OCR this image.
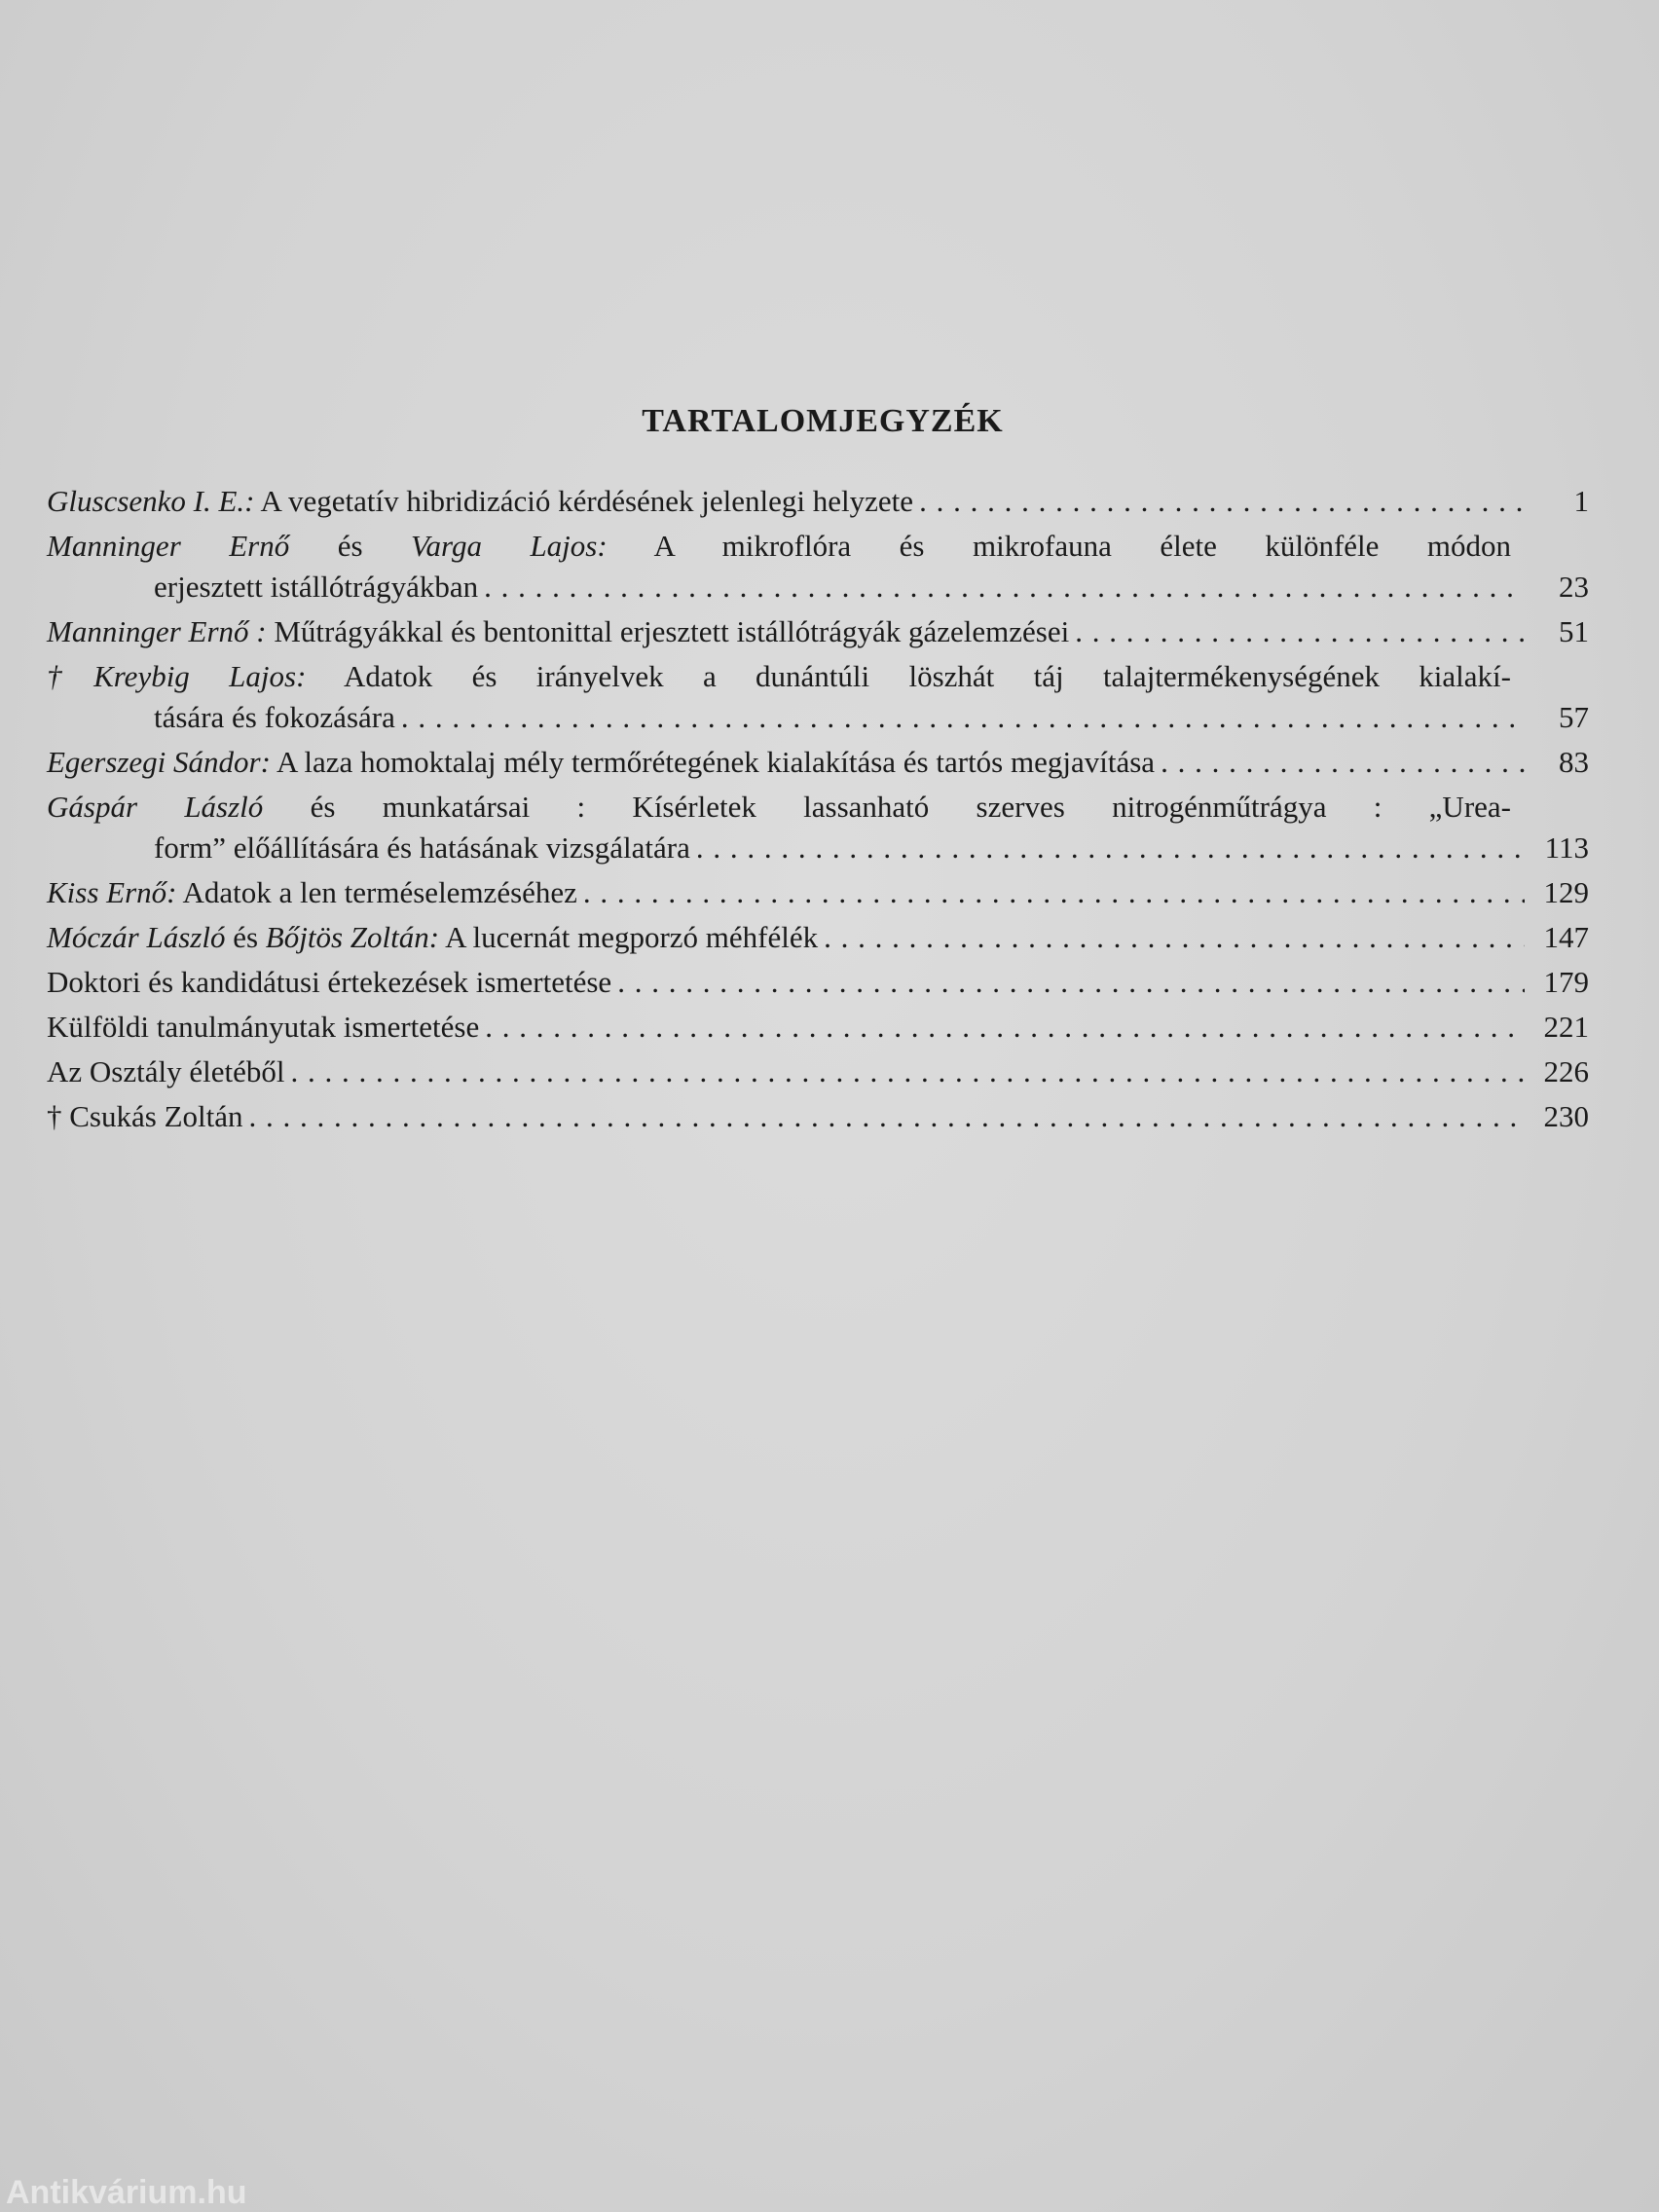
TARTALOMJEGYZÉK
Gluscsenko I. E.: A vegetatív hibridizáció kérdésének jelenlegi helyzete . . .	1
Manninger Ernő és Varga Lajos: A mikroflóra és mikrofauna élete különféle módon
erjesztett istállótrágyákban . . .	23
Manninger Ernő : Műtrágyákkal és bentonittal erjesztett istállótrágyák gázelemzései . . .	51
†Kreybig Lajos: Adatok és irányelvek a dunántúli löszhát táj talajtermékenységének kialakí-
tására és fokozására . . .	57
Egerszegi Sándor: A laza homoktalaj mély termőrétegének kialakítása és tartós megjavítása . . .	83
Gáspár László és munkatársai : Kísérletek lassanható szerves nitrogénműtrágya : „Urea-
form” előállítására és hatásának vizsgálatára . . .	113
Kiss Ernő: Adatok a len terméselemzéséhez . . .	129
Móczár László és Bőjtös Zoltán: A lucernát megporzó méhfélék . . .	147
Doktori és kandidátusi értekezések ismertetése . . .	179
Külföldi tanulmányutak ismertetése . . .	221
Az Osztály életéből . . .	226
† Csukás Zoltán . . .	230
Antikvárium.hu
